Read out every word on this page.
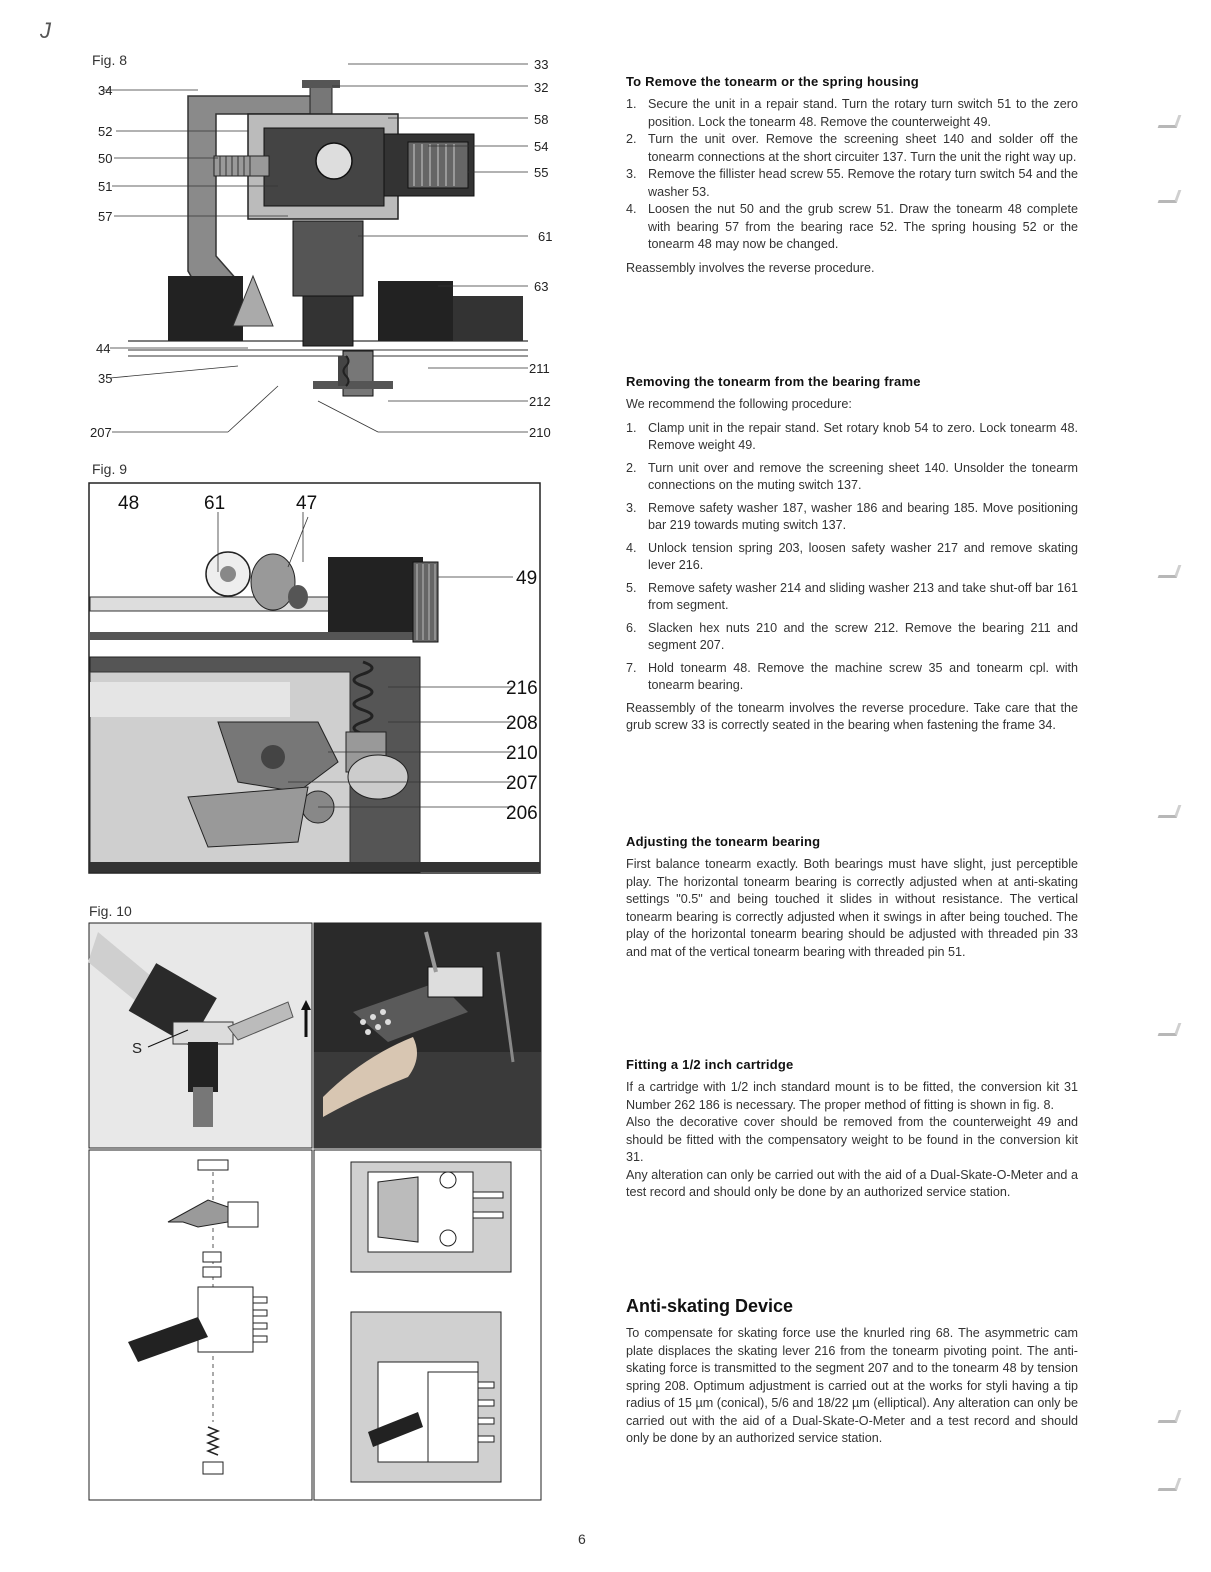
J
Fig. 8
34
52
50
51
57
44
35
207
33
32
58
54
55
61
63
211
212
210
Fig. 9
48	61	47
49
216
208
210
207
206
Fig. 10
S
To Remove the tonearm or the spring housing
1. Secure the unit in a repair stand. Turn the rotary turn switch 51 to the zero position. Lock the tonearm 48. Remove the counterweight 49.
2. Turn the unit over. Remove the screening sheet 140 and solder off the tonearm connections at the short circuiter 137. Turn the unit the right way up.
3. Remove the fillister head screw 55. Remove the rotary turn switch 54 and the washer 53.
4. Loosen the nut 50 and the grub screw 51. Draw the tonearm 48 complete with bearing 57 from the bearing race 52. The spring housing 52 or the tonearm 48 may now be changed.

Reassembly involves the reverse procedure.

Removing the tonearm from the bearing frame

We recommend the following procedure:

1. Clamp unit in the repair stand. Set rotary knob 54 to zero. Lock tonearm 48. Remove weight 49.
2. Turn unit over and remove the screening sheet 140. Unsolder the tonearm connections on the muting switch 137.
3. Remove safety washer 187, washer 186 and bearing 185. Move positioning bar 219 towards muting switch 137.
4. Unlock tension spring 203, loosen safety washer 217 and remove skating lever 216.
5. Remove safety washer 214 and sliding washer 213 and take shut-off bar 161 from segment.
6. Slacken hex nuts 210 and the screw 212. Remove the bearing 211 and segment 207.
7. Hold tonearm 48. Remove the machine screw 35 and tonearm cpl. with tonearm bearing.

Reassembly of the tonearm involves the reverse procedure. Take care that the grub screw 33 is correctly seated in the bearing when fastening the frame 34.

Adjusting the tonearm bearing

First balance tonearm exactly. Both bearings must have slight, just perceptible play. The horizontal tonearm bearing is correctly adjusted when at anti-skating settings "0.5" and being touched it slides in without resistance. The vertical tonearm bearing is correctly adjusted when it swings in after being touched. The play of the horizontal tonearm bearing should be adjusted with threaded pin 33 and mat of the vertical tonearm bearing with threaded pin 51.

Fitting a 1/2 inch cartridge

If a cartridge with 1/2 inch standard mount is to be fitted, the conversion kit 31 Number 262 186 is necessary. The proper method of fitting is shown in fig. 8.

Also the decorative cover should be removed from the counterweight 49 and should be fitted with the compensatory weight to be found in the conversion kit 31.

Any alteration can only be carried out with the aid of a Dual-Skate-O-Meter and a test record and should only be done by an authorized service station.

Anti-skating Device

To compensate for skating force use the knurled ring 68. The asymmetric cam plate displaces the skating lever 216 from the tonearm pivoting point. The anti-skating force is transmitted to the segment 207 and to the tonearm 48 by tension spring 208. Optimum adjustment is carried out at the works for styli having a tip radius of 15 µm (conical), 5/6 and 18/22 µm (elliptical). Any alteration can only be carried out with the aid of a Dual-Skate-O-Meter and a test record and should only be done by an authorized service station.

6
